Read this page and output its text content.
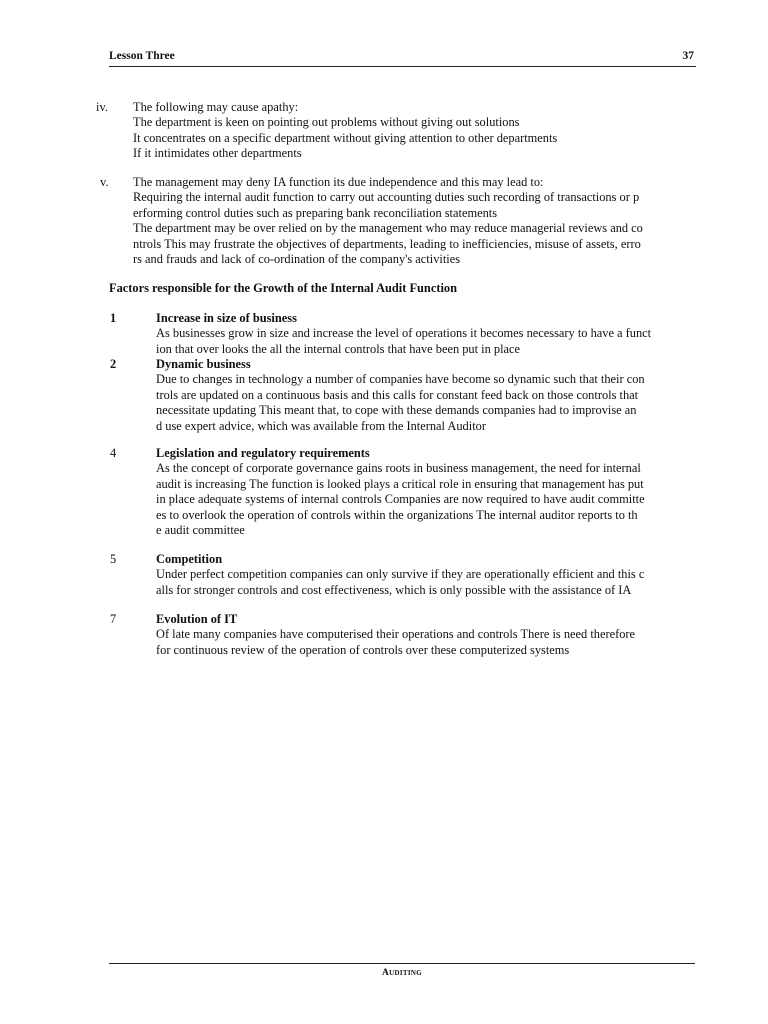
Lesson Three	37
iv. The following may cause apathy:
The department is keen on pointing out problems without giving out solutions
It concentrates on a specific department without giving attention to other departments
If it intimidates other departments
v. The management may deny IA function its due independence and this may lead to:
Requiring the internal audit function to carry out accounting duties such recording of transactions or p
erforming control duties such as preparing bank reconciliation statements
The department may be over relied on by the management who may reduce managerial reviews and co
ntrols This may frustrate the objectives of departments, leading to inefficiencies, misuse of assets, erro
rs and frauds and lack of co-ordination of the company's activities
Factors responsible for the Growth of the Internal Audit Function
1	Increase in size of business
As businesses grow in size and increase the level of operations it becomes necessary to have a funct
ion that over looks the all the internal controls that have been put in place
2	Dynamic business
Due to changes in technology a number of companies have become so dynamic such that their con
trols are updated on a continuous basis and this calls for constant feed back on those controls that
necessitate updating This meant that, to cope with these demands companies had to improvise an
d use expert advice, which was available from the Internal Auditor
4	Legislation and regulatory requirements
As the concept of corporate governance gains roots in business management, the need for internal
audit is increasing The function is looked plays a critical role in ensuring that management has put
in place adequate systems of internal controls Companies are now required to have audit committe
es to overlook the operation of controls within the organizations The internal auditor reports to th
e audit committee
5	Competition
Under perfect competition companies can only survive if they are operationally efficient and this c
alls for stronger controls and cost effectiveness, which is only possible with the assistance of IA
7	Evolution of IT
Of late many companies have computerised their operations and controls There is need therefore
for continuous review of the operation of controls over these computerized systems
Auditing
